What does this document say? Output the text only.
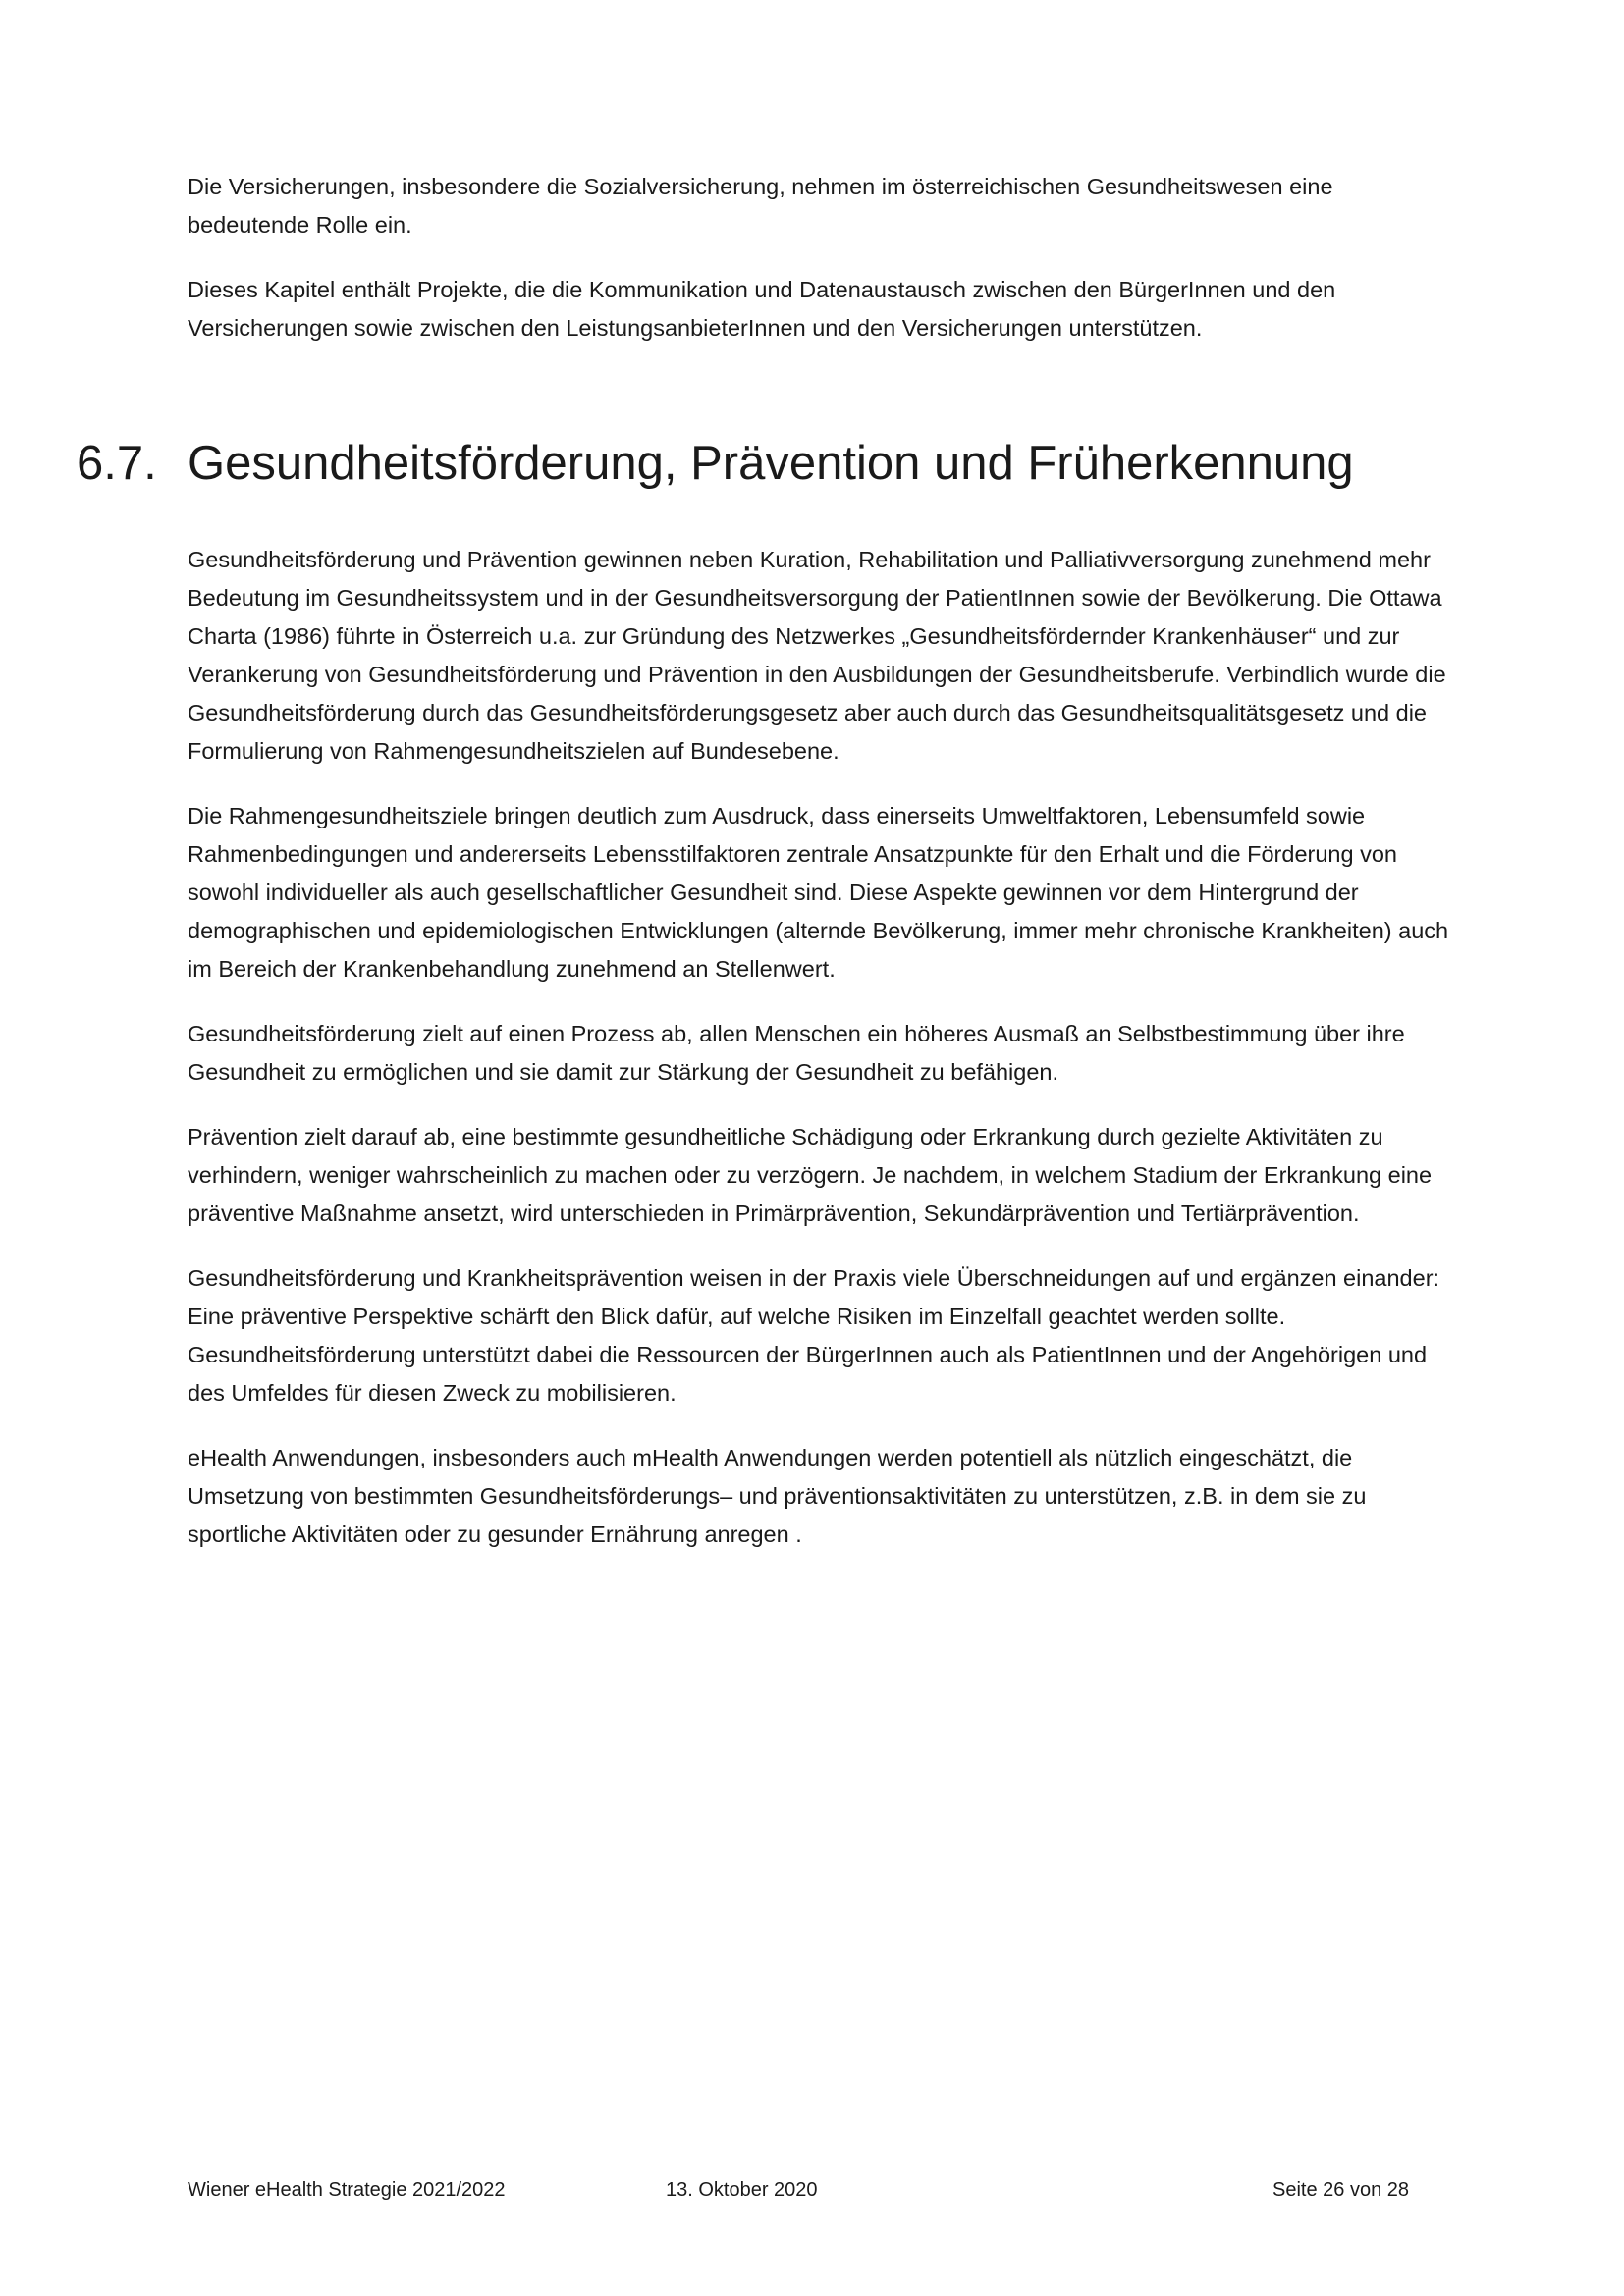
Die Versicherungen, insbesondere die Sozialversicherung, nehmen im österreichischen Gesundheitswesen eine bedeutende Rolle ein.

Dieses Kapitel enthält Projekte, die die Kommunikation und Datenaustausch zwischen den BürgerInnen und den Versicherungen sowie zwischen den LeistungsanbieterInnen und den Versicherungen unterstützen.

6.7. Gesundheitsförderung, Prävention und Früherkennung

Gesundheitsförderung und Prävention gewinnen neben Kuration, Rehabilitation und Palliativversorgung zunehmend mehr Bedeutung im Gesundheitssystem und in der Gesundheitsversorgung der PatientInnen sowie der Bevölkerung. Die Ottawa Charta (1986) führte in Österreich u.a. zur Gründung des Netzwerkes „Gesundheitsfördernder Krankenhäuser“ und zur Verankerung von Gesundheitsförderung und Prävention in den Ausbildungen der Gesundheitsberufe. Verbindlich wurde die Gesundheitsförderung durch das Gesundheitsförderungsgesetz aber auch durch das Gesundheitsqualitätsgesetz und die Formulierung von Rahmengesundheitszielen auf Bundesebene.

Die Rahmengesundheitsziele bringen deutlich zum Ausdruck, dass einerseits Umweltfaktoren, Lebensumfeld sowie Rahmenbedingungen und andererseits Lebensstilfaktoren zentrale Ansatzpunkte für den Erhalt und die Förderung von sowohl individueller als auch gesellschaftlicher Gesundheit sind. Diese Aspekte gewinnen vor dem Hintergrund der demographischen und epidemiologischen Entwicklungen (alternde Bevölkerung, immer mehr chronische Krankheiten) auch im Bereich der Krankenbehandlung zunehmend an Stellenwert.

Gesundheitsförderung zielt auf einen Prozess ab, allen Menschen ein höheres Ausmaß an Selbstbestimmung über ihre Gesundheit zu ermöglichen und sie damit zur Stärkung der Gesundheit zu befähigen.

Prävention zielt darauf ab, eine bestimmte gesundheitliche Schädigung oder Erkrankung durch gezielte Aktivitäten zu verhindern, weniger wahrscheinlich zu machen oder zu verzögern. Je nachdem, in welchem Stadium der Erkrankung eine präventive Maßnahme ansetzt, wird unterschieden in Primärprävention, Sekundärprävention und Tertiärprävention.

Gesundheitsförderung und Krankheitsprävention weisen in der Praxis viele Überschneidungen auf und ergänzen einander: Eine präventive Perspektive schärft den Blick dafür, auf welche Risiken im Einzelfall geachtet werden sollte. Gesundheitsförderung unterstützt dabei die Ressourcen der BürgerInnen auch als PatientInnen und der Angehörigen und des Umfeldes für diesen Zweck zu mobilisieren.

eHealth Anwendungen, insbesonders auch mHealth Anwendungen werden potentiell als nützlich eingeschätzt, die Umsetzung von bestimmten Gesundheitsförderungs– und präventionsaktivitäten zu unterstützen, z.B. in dem sie zu sportliche Aktivitäten oder zu gesunder Ernährung anregen .

Wiener eHealth Strategie 2021/2022	13. Oktober 2020	Seite 26 von 28
